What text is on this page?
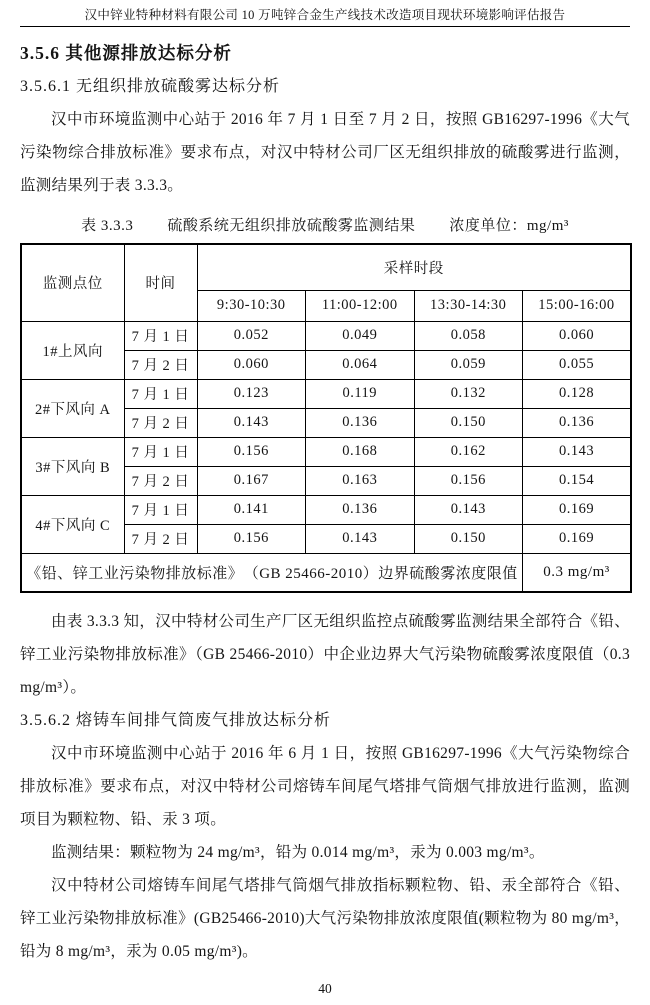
汉中锌业特种材料有限公司 10 万吨锌合金生产线技术改造项目现状环境影响评估报告
3.5.6 其他源排放达标分析
3.5.6.1 无组织排放硫酸雾达标分析

汉中市环境监测中心站于 2016 年 7 月 1 日至 7 月 2 日，按照 GB16297-1996《大气污染物综合排放标准》要求布点，对汉中特材公司厂区无组织排放的硫酸雾进行监测，监测结果列于表 3.3.3。

表 3.3.3 硫酸系统无组织排放硫酸雾监测结果 浓度单位：mg/m³
监测点位	时间	采样时段			
		9:30-10:30	11:00-12:00	13:30-14:30	15:00-16:00
1#上风向	7 月 1 日	0.052	0.049	0.058	0.060
	7 月 2 日	0.060	0.064	0.059	0.055
2#下风向 A	7 月 1 日	0.123	0.119	0.132	0.128
	7 月 2 日	0.143	0.136	0.150	0.136
3#下风向 B	7 月 1 日	0.156	0.168	0.162	0.143
	7 月 2 日	0.167	0.163	0.156	0.154
4#下风向 C	7 月 1 日	0.141	0.136	0.143	0.169
	7 月 2 日	0.156	0.143	0.150	0.169
《铅、锌工业污染物排放标准》　（GB 25466-2010）边界硫酸雾浓度限值					0.3 mg/m³

由表 3.3.3 知，汉中特材公司生产厂区无组织监控点硫酸雾监测结果全部符合《铅、锌工业污染物排放标准》（GB 25466-2010）中企业边界大气污染物硫酸雾浓度限值（0.3 mg/m³）。

3.5.6.2 熔铸车间排气筒废气排放达标分析

汉中市环境监测中心站于 2016 年 6 月 1 日，按照 GB16297-1996《大气污染物综合排放标准》要求布点，对汉中特材公司熔铸车间尾气塔排气筒烟气排放进行监测，监测项目为颗粒物、铅、汞 3 项。

监测结果：颗粒物为 24 mg/m³，铅为 0.014 mg/m³，汞为 0.003 mg/m³。

汉中特材公司熔铸车间尾气塔排气筒烟气排放指标颗粒物、铅、汞全部符合《铅、锌工业污染物排放标准》(GB25466-2010)大气污染物排放浓度限值(颗粒物为 80 mg/m³，铅为 8 mg/m³，汞为 0.05 mg/m³)。

40
